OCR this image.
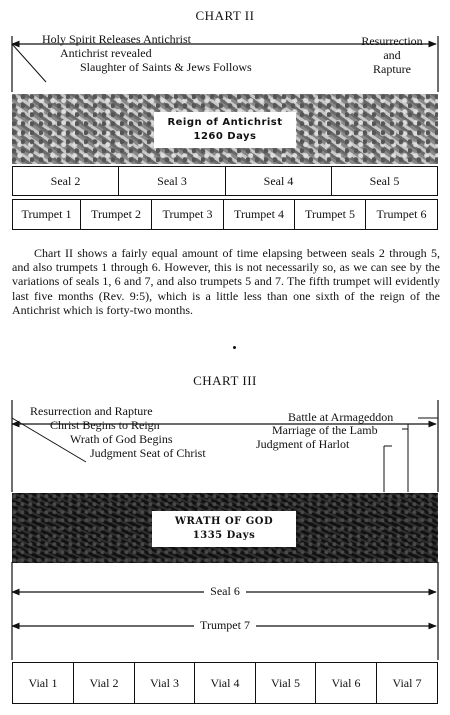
CHART II
Holy Spirit Releases Antichrist
Antichrist revealed
Slaughter of Saints & Jews Follows
Resurrection
and
Rapture
Reign of Antichrist
1260 Days
Seal 2	Seal 3	Seal 4	Seal 5
Trumpet 1	Trumpet 2	Trumpet 3	Trumpet 4	Trumpet 5	Trumpet 6
Chart II shows a fairly equal amount of time elapsing between seals 2 through 5, and also trumpets 1 through 6. However, this is not necessarily so, as we can see by the variations of seals 1, 6 and 7, and also trumpets 5 and 7. The fifth trumpet will evidently last five months (Rev. 9:5), which is a little less than one sixth of the reign of the Antichrist which is forty-two months.
CHART III
Resurrection and Rapture
Christ Begins to Reign
Wrath of God Begins
Judgment Seat of Christ
Battle at Armageddon
Marriage of the Lamb
Judgment of Harlot
WRATH OF GOD
1335 Days
Seal 6
Trumpet 7
Vial 1	Vial 2	Vial 3	Vial 4	Vial 5	Vial 6	Vial 7
